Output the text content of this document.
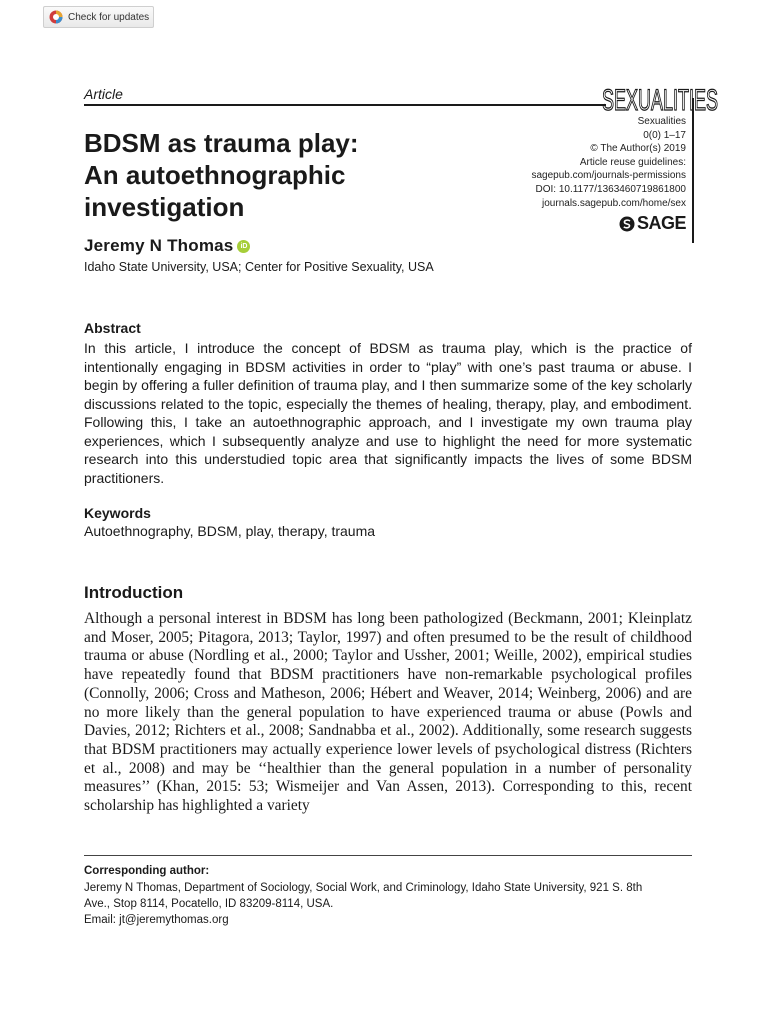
Check for updates
Article	SEXUALITIES
Sexualities
0(0) 1–17
© The Author(s) 2019
Article reuse guidelines:
sagepub.com/journals-permissions
DOI: 10.1177/1363460719861800
journals.sagepub.com/home/sex
SAGE
BDSM as trauma play:
An autoethnographic
investigation
Jeremy N Thomas	iD
Idaho State University, USA; Center for Positive Sexuality, USA
Abstract

In this article, I introduce the concept of BDSM as trauma play, which is the practice of intentionally engaging in BDSM activities in order to “play” with one’s past trauma or abuse. I begin by offering a fuller definition of trauma play, and I then summarize some of the key scholarly discussions related to the topic, especially the themes of healing, therapy, play, and embodiment. Following this, I take an autoethnographic approach, and I investigate my own trauma play experiences, which I subsequently analyze and use to highlight the need for more systematic research into this understudied topic area that significantly impacts the lives of some BDSM practitioners.

Keywords
Autoethnography, BDSM, play, therapy, trauma
Introduction

Although a personal interest in BDSM has long been pathologized (Beckmann, 2001; Kleinplatz and Moser, 2005; Pitagora, 2013; Taylor, 1997) and often presumed to be the result of childhood trauma or abuse (Nordling et al., 2000; Taylor and Ussher, 2001; Weille, 2002), empirical studies have repeatedly found that BDSM practitioners have non-remarkable psychological profiles (Connolly, 2006; Cross and Matheson, 2006; Hébert and Weaver, 2014; Weinberg, 2006) and are no more likely than the general population to have experienced trauma or abuse (Powls and Davies, 2012; Richters et al., 2008; Sandnabba et al., 2002). Additionally, some research suggests that BDSM practitioners may actually experience lower levels of psychological distress (Richters et al., 2008) and may be ‘‘healthier than the general population in a number of personality measures’’ (Khan, 2015: 53; Wismeijer and Van Assen, 2013). Corresponding to this, recent scholarship has highlighted a variety

Corresponding author:
Jeremy N Thomas, Department of Sociology, Social Work, and Criminology, Idaho State University, 921 S. 8th
Ave., Stop 8114, Pocatello, ID 83209-8114, USA.
Email: jt@jeremythomas.org
